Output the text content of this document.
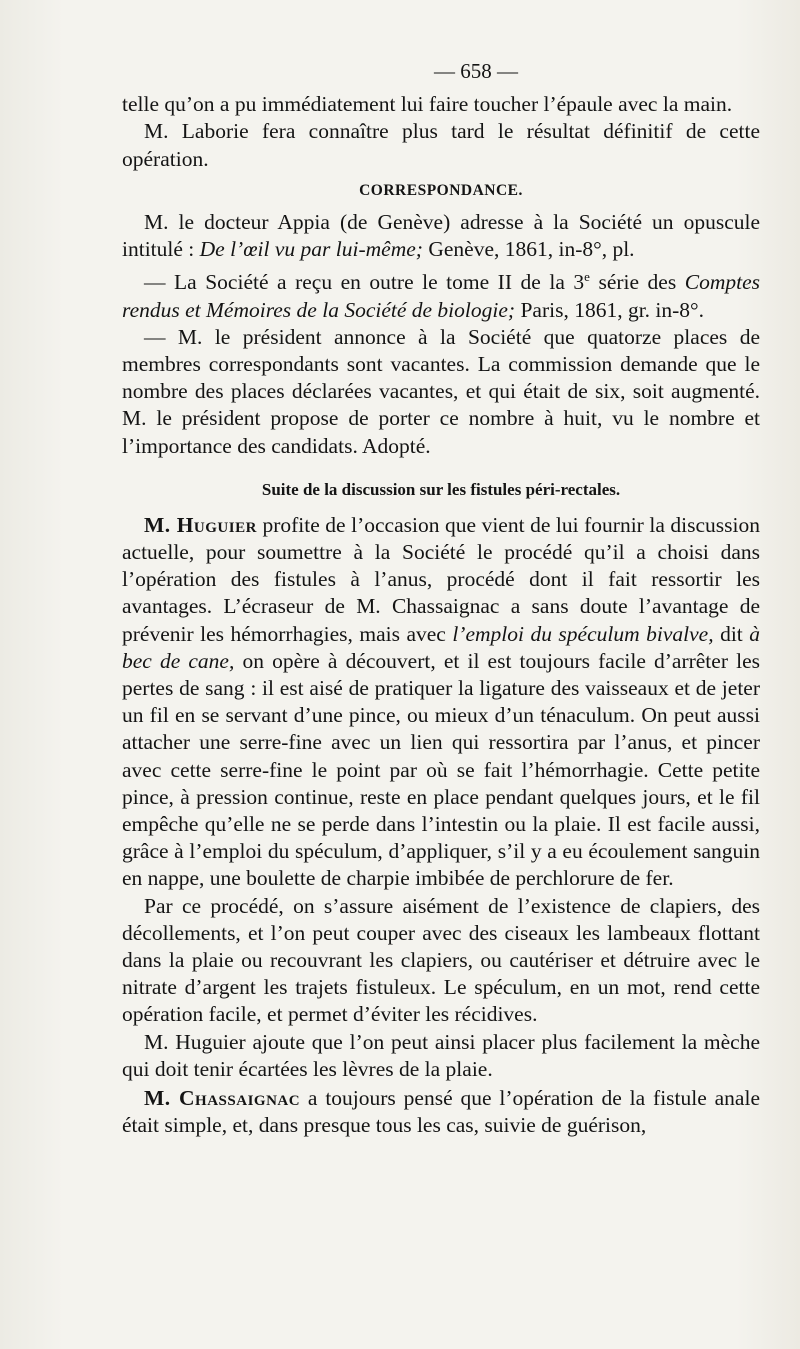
— 658 —

telle qu’on a pu immédiatement lui faire toucher l’épaule avec la main.

M. Laborie fera connaître plus tard le résultat définitif de cette opération.

CORRESPONDANCE.

M. le docteur Appia (de Genève) adresse à la Société un opuscule intitulé : De l’œil vu par lui-même; Genève, 1861, in-8°, pl.

— La Société a reçu en outre le tome II de la 3e série des Comptes rendus et Mémoires de la Société de biologie; Paris, 1861, gr. in-8°.

— M. le président annonce à la Société que quatorze places de membres correspondants sont vacantes. La commission demande que le nombre des places déclarées vacantes, et qui était de six, soit augmenté. M. le président propose de porter ce nombre à huit, vu le nombre et l’importance des candidats. Adopté.

Suite de la discussion sur les fistules péri-rectales.

M. Huguier profite de l’occasion que vient de lui fournir la discussion actuelle, pour soumettre à la Société le procédé qu’il a choisi dans l’opération des fistules à l’anus, procédé dont il fait ressortir les avantages. L’écraseur de M. Chassaignac a sans doute l’avantage de prévenir les hémorrhagies, mais avec l’emploi du spéculum bivalve, dit à bec de cane, on opère à découvert, et il est toujours facile d’arrêter les pertes de sang : il est aisé de pratiquer la ligature des vaisseaux et de jeter un fil en se servant d’une pince, ou mieux d’un ténaculum. On peut aussi attacher une serre-fine avec un lien qui ressortira par l’anus, et pincer avec cette serre-fine le point par où se fait l’hémorrhagie. Cette petite pince, à pression continue, reste en place pendant quelques jours, et le fil empêche qu’elle ne se perde dans l’intestin ou la plaie. Il est facile aussi, grâce à l’emploi du spéculum, d’appliquer, s’il y a eu écoulement sanguin en nappe, une boulette de charpie imbibée de perchlorure de fer.

Par ce procédé, on s’assure aisément de l’existence de clapiers, des décollements, et l’on peut couper avec des ciseaux les lambeaux flottant dans la plaie ou recouvrant les clapiers, ou cautériser et détruire avec le nitrate d’argent les trajets fistuleux. Le spéculum, en un mot, rend cette opération facile, et permet d’éviter les récidives.

M. Huguier ajoute que l’on peut ainsi placer plus facilement la mèche qui doit tenir écartées les lèvres de la plaie.

M. Chassaignac a toujours pensé que l’opération de la fistule anale était simple, et, dans presque tous les cas, suivie de guérison,
